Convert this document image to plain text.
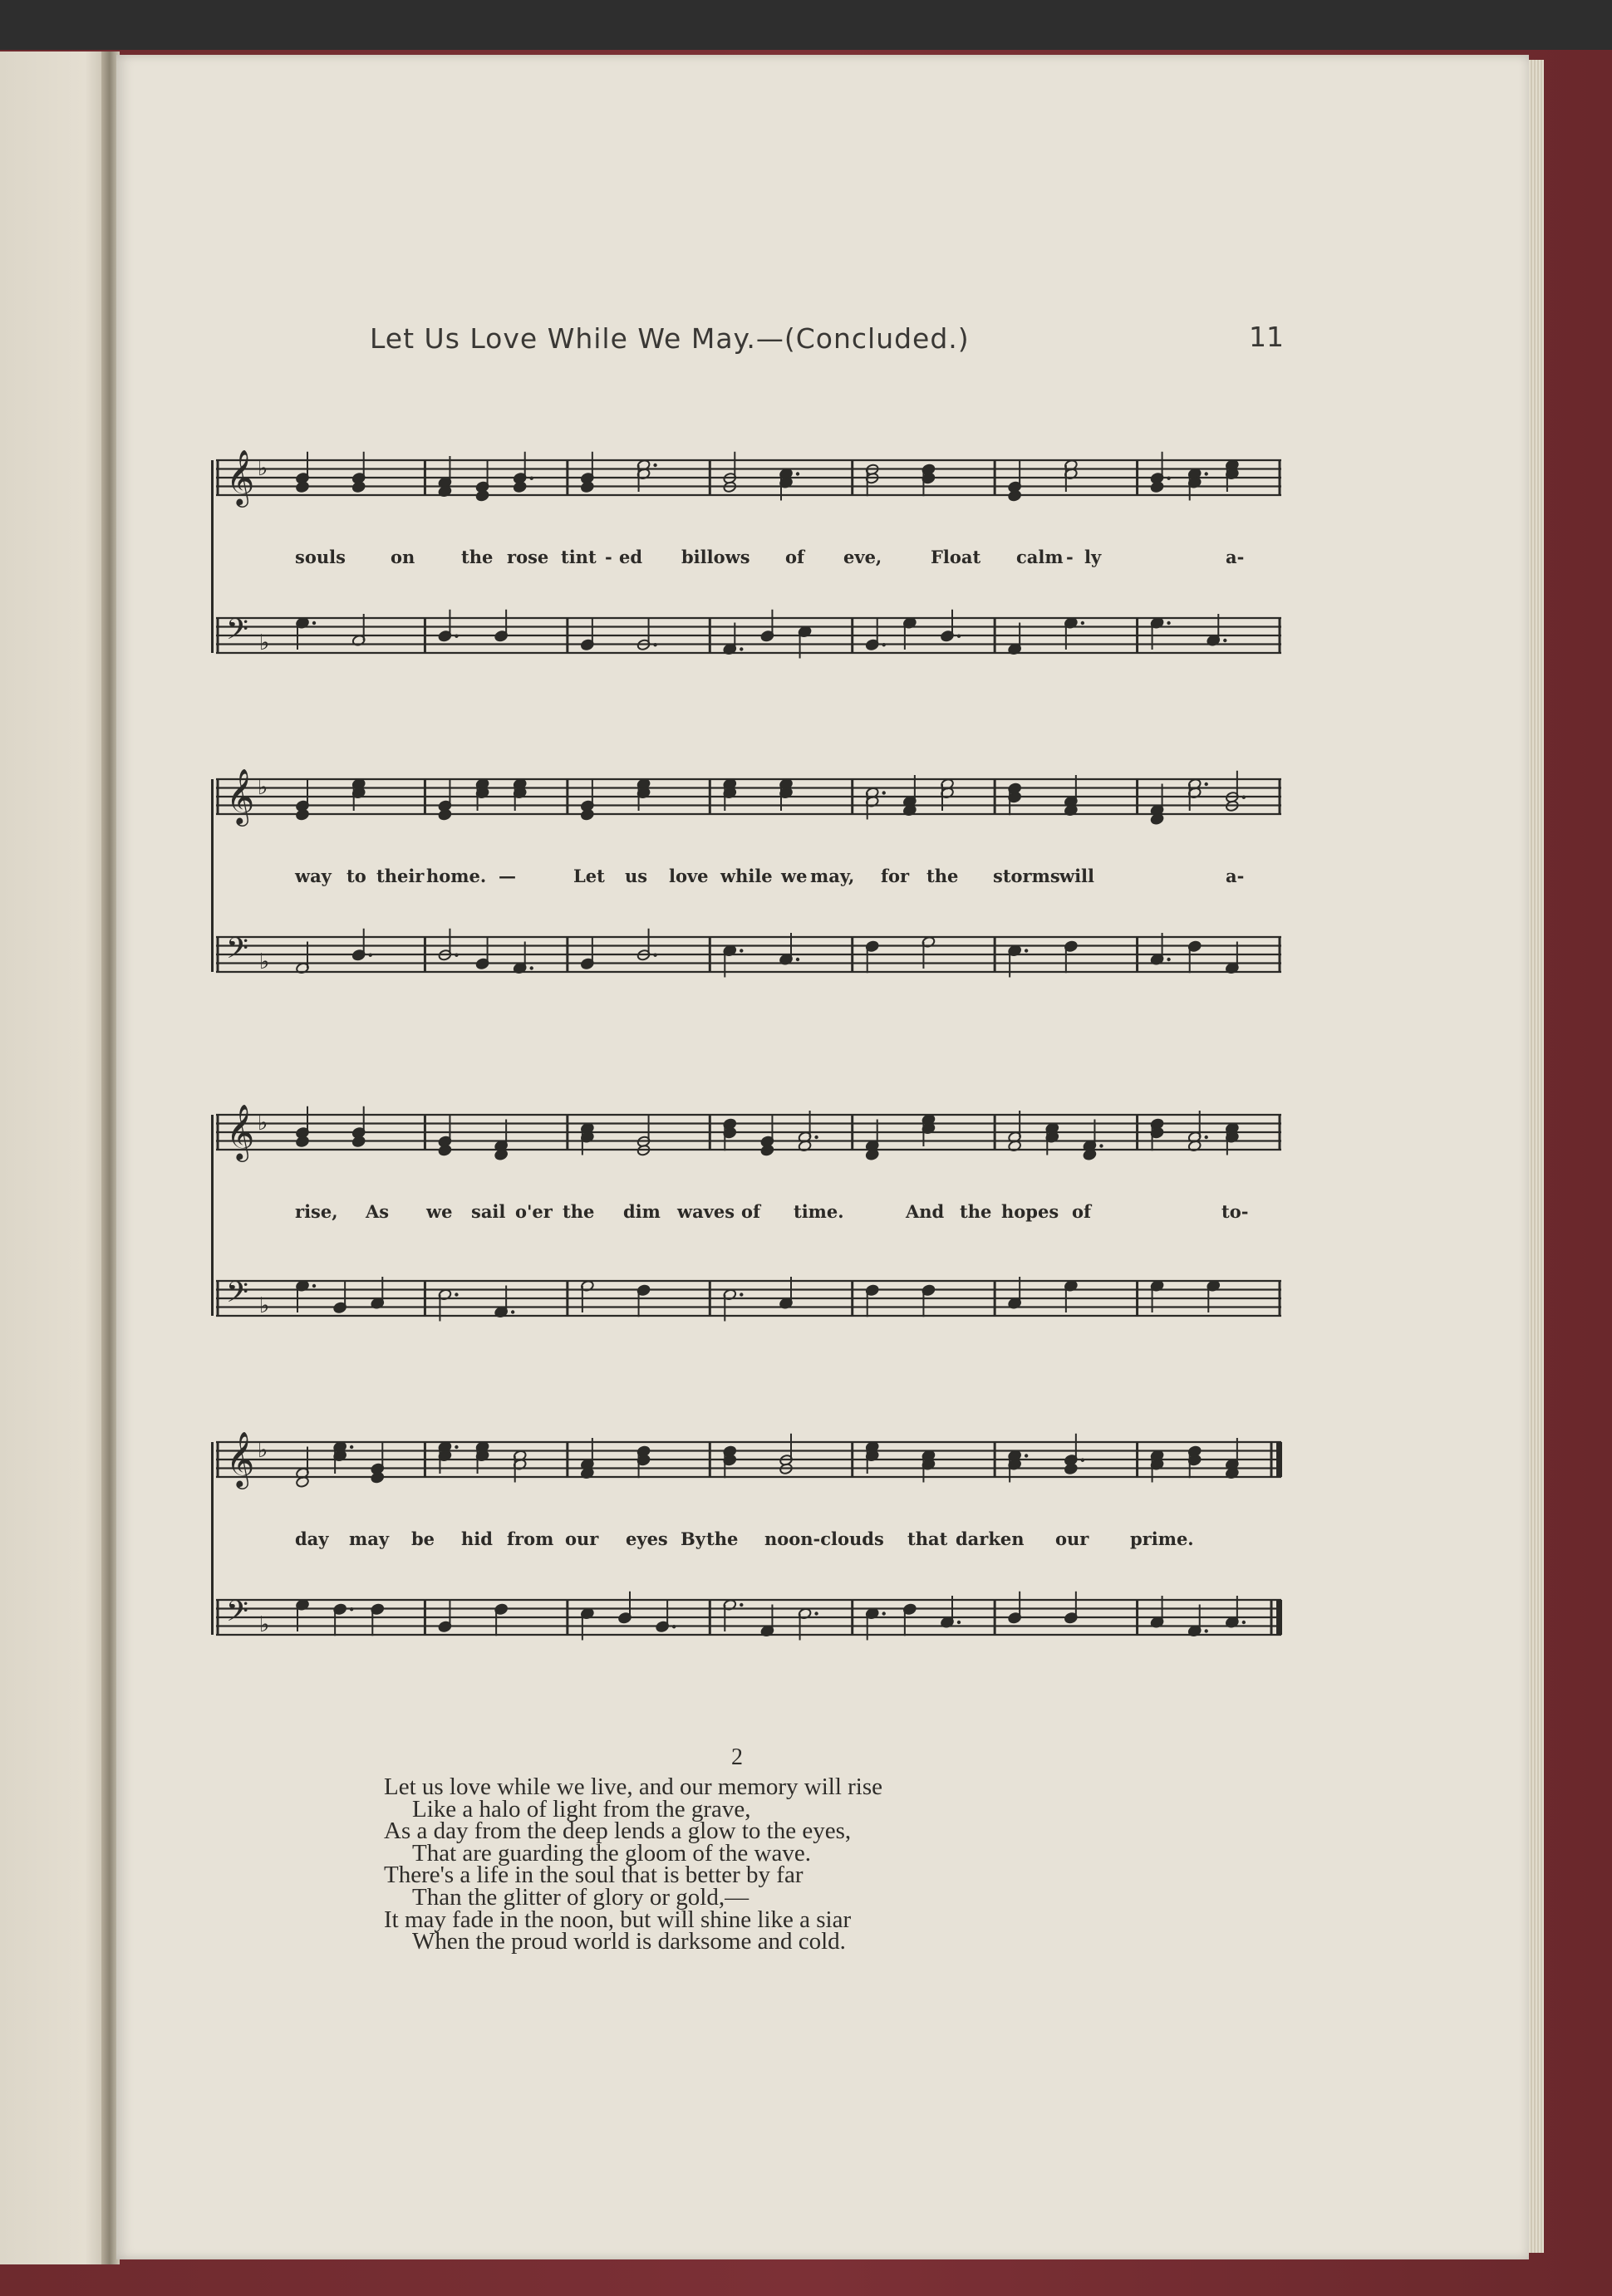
Let Us Love While We May.—(Concluded.)	11
𝄞 ♭
souls	on	the rose tint - ed billows of eve,	Float calm - ly	a-
𝄢 ♭
𝄞 ♭
way to their home. —	Let us love while we may, for the storms will	a-
𝄢 ♭
𝄞 ♭
rise, As we sail o'er the dim waves of time.	And the hopes of	to-
𝄢 ♭
𝄞 ♭
day may be hid from our eyes By the noon-clouds that darken our prime.
𝄢 ♭
2
Let us love while we live, and our memory will rise
Like a halo of light from the grave,
As a day from the deep lends a glow to the eyes,
That are guarding the gloom of the wave.
There's a life in the soul that is better by far
Than the glitter of glory or gold,—
It may fade in the noon, but will shine like a siar
When the proud world is darksome and cold.
